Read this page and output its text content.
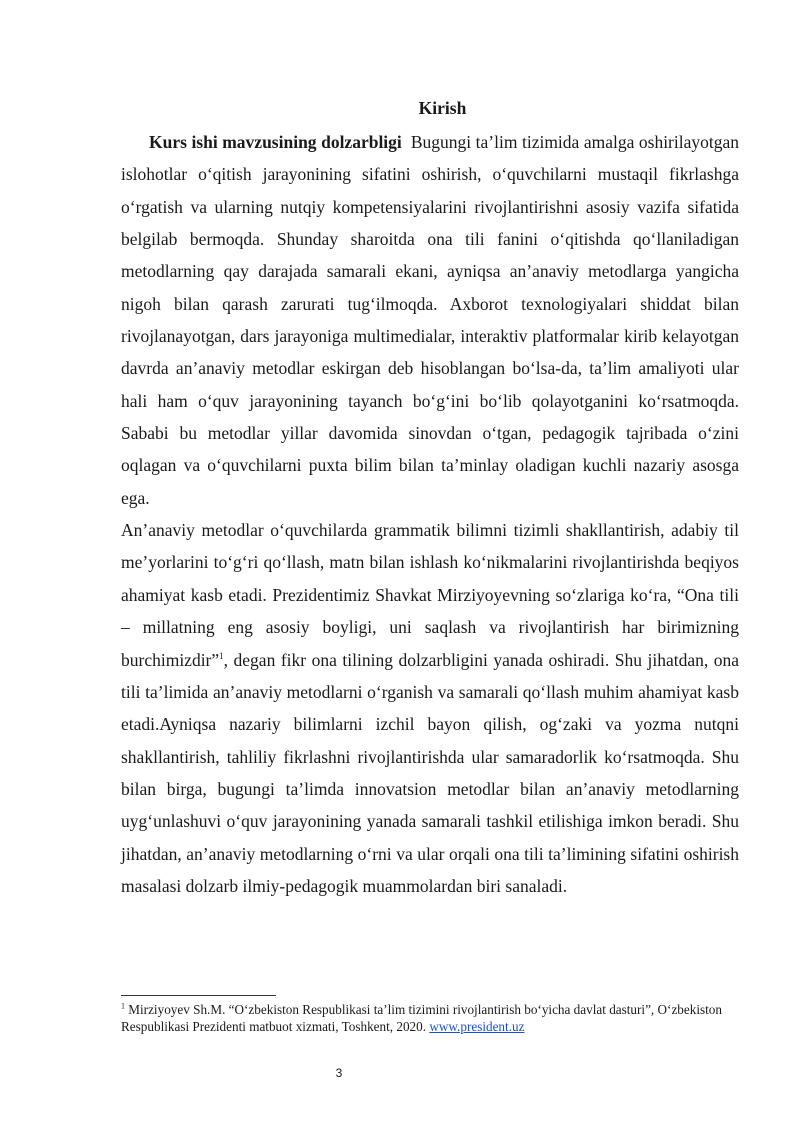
Kirish

Kurs ishi mavzusining dolzarbligi Bugungi ta’lim tizimida amalga oshirilayotgan islohotlar o‘qitish jarayonining sifatini oshirish, o‘quvchilarni mustaqil fikrlashga o‘rgatish va ularning nutqiy kompetensiyalarini rivojlantirishni asosiy vazifa sifatida belgilab bermoqda. Shunday sharoitda ona tili fanini o‘qitishda qo‘llaniladigan metodlarning qay darajada samarali ekani, ayniqsa an’anaviy metodlarga yangicha nigoh bilan qarash zarurati tug‘ilmoqda. Axborot texnologiyalari shiddat bilan rivojlanayotgan, dars jarayoniga multimedialar, interaktiv platformalar kirib kelayotgan davrda an’anaviy metodlar eskirgan deb hisoblangan bo‘lsa-da, ta’lim amaliyoti ular hali ham o‘quv jarayonining tayanch bo‘g‘ini bo‘lib qolayotganini ko‘rsatmoqda. Sababi bu metodlar yillar davomida sinovdan o‘tgan, pedagogik tajribada o‘zini oqlagan va o‘quvchilarni puxta bilim bilan ta’minlay oladigan kuchli nazariy asosga ega.

An’anaviy metodlar o‘quvchilarda grammatik bilimni tizimli shakllantirish, adabiy til me’yorlarini to‘g‘ri qo‘llash, matn bilan ishlash ko‘nikmalarini rivojlantirishda beqiyos ahamiyat kasb etadi. Prezidentimiz Shavkat Mirziyoyevning so‘zlariga ko‘ra, “Ona tili – millatning eng asosiy boyligi, uni saqlash va rivojlantirish har birimizning burchimizdir”$^1$, degan fikr ona tilining dolzarbligini yanada oshiradi. Shu jihatdan, ona tili ta’limida an’anaviy metodlarni o‘rganish va samarali qo‘llash muhim ahamiyat kasb etadi.Ayniqsa nazariy bilimlarni izchil bayon qilish, og‘zaki va yozma nutqni shakllantirish, tahliliy fikrlashni rivojlantirishda ular samaradorlik ko‘rsatmoqda. Shu bilan birga, bugungi ta’limda innovatsion metodlar bilan an’anaviy metodlarning uyg‘unlashuvi o‘quv jarayonining yanada samarali tashkil etilishiga imkon beradi. Shu jihatdan, an’anaviy metodlarning o‘rni va ular orqali ona tili ta’limining sifatini oshirish masalasi dolzarb ilmiy-pedagogik muammolardan biri sanaladi.

$^1$ Mirziyoyev Sh.M. “O‘zbekiston Respublikasi ta’lim tizimini rivojlantirish bo‘yicha davlat dasturi”, O‘zbekiston Respublikasi Prezidenti matbuot xizmati, Toshkent, 2020. www.president.uz

3
